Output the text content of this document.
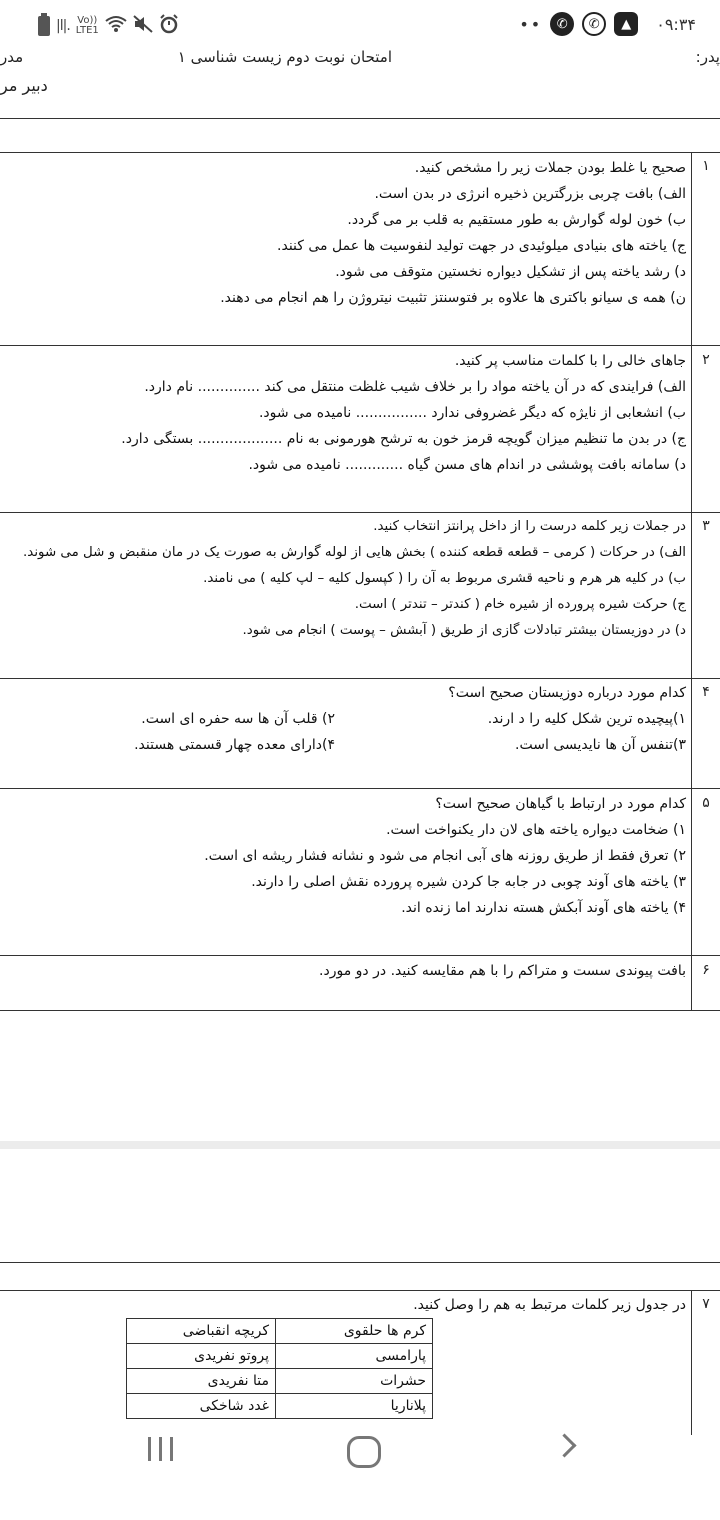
|l|. Vo))
LTE1	••	✆	✆	▲	۰۹:۳۴
پدر:
امتحان نوبت دوم زیست شناسی ۱
مدر
دبیر مر
۱
صحیح یا غلط بودن جملات زیر را مشخص کنید.
الف) بافت چربی بزرگترین ذخیره انرژی در بدن است.
ب) خون لوله گوارش به طور مستقیم به قلب بر می گردد.
ج) یاخته های بنیادی میلوئیدی در جهت تولید لنفوسیت ها عمل می کنند.
د) رشد یاخته پس از تشکیل دیواره نخستین متوقف می شود.
ن) همه ی سیانو باکتری ها علاوه بر فتوسنتز تثبیت نیتروژن را هم انجام می دهند.
۲
جاهای خالی را با کلمات مناسب پر کنید.
الف) فرایندی که در آن یاخته مواد را بر خلاف شیب غلظت منتقل می کند .............. نام دارد.
ب) انشعابی از نایژه که دیگر غضروفی ندارد ................ نامیده می شود.
ج) در بدن ما تنظیم میزان گویچه قرمز خون به ترشح هورمونی به نام ................... بستگی دارد.
د) سامانه بافت پوششی در اندام های مسن گیاه ............. نامیده می شود.
۳
در جملات زیر کلمه درست را از داخل پرانتز انتخاب کنید.
الف) در حرکات ( کرمی – قطعه قطعه کننده ) بخش هایی از لوله گوارش به صورت یک در مان منقبض و شل می شوند.
ب) در کلیه هر هرم و ناحیه قشری مربوط به آن را ( کپسول کلیه – لپ کلیه ) می نامند.
ج) حرکت شیره پرورده از شیره خام ( کندتر – تندتر ) است.
د) در دوزیستان بیشتر تبادلات گازی از طریق ( آبشش – پوست ) انجام می شود.
۴
کدام مورد درباره دوزیستان صحیح است؟
۱)پیچیده ترین شکل کلیه را د ارند.
۲) قلب آن ها سه حفره ای است.
۳)تنفس آن ها نایدیسی است.
۴)دارای معده چهار قسمتی هستند.
۵
کدام مورد در ارتباط با گیاهان صحیح است؟
۱) ضخامت دیواره یاخته های لان دار یکنواخت است.
۲) تعرق فقط از طریق روزنه های آبی انجام می شود و نشانه فشار ریشه ای است.
۳) یاخته های آوند چوبی در جابه جا کردن شیره پرورده نقش اصلی را دارند.
۴) یاخته های آوند آبکش هسته ندارند اما زنده اند.
۶
بافت پیوندی سست و متراکم را با هم مقایسه کنید. در دو مورد.
۷
در جدول زیر کلمات مرتبط به هم را وصل کنید.
کرم ها حلقوی	کریچه انقباضی
پارامسی	پروتو نفریدی
حشرات	متا نفریدی
پلاناریا	غدد شاخکی
